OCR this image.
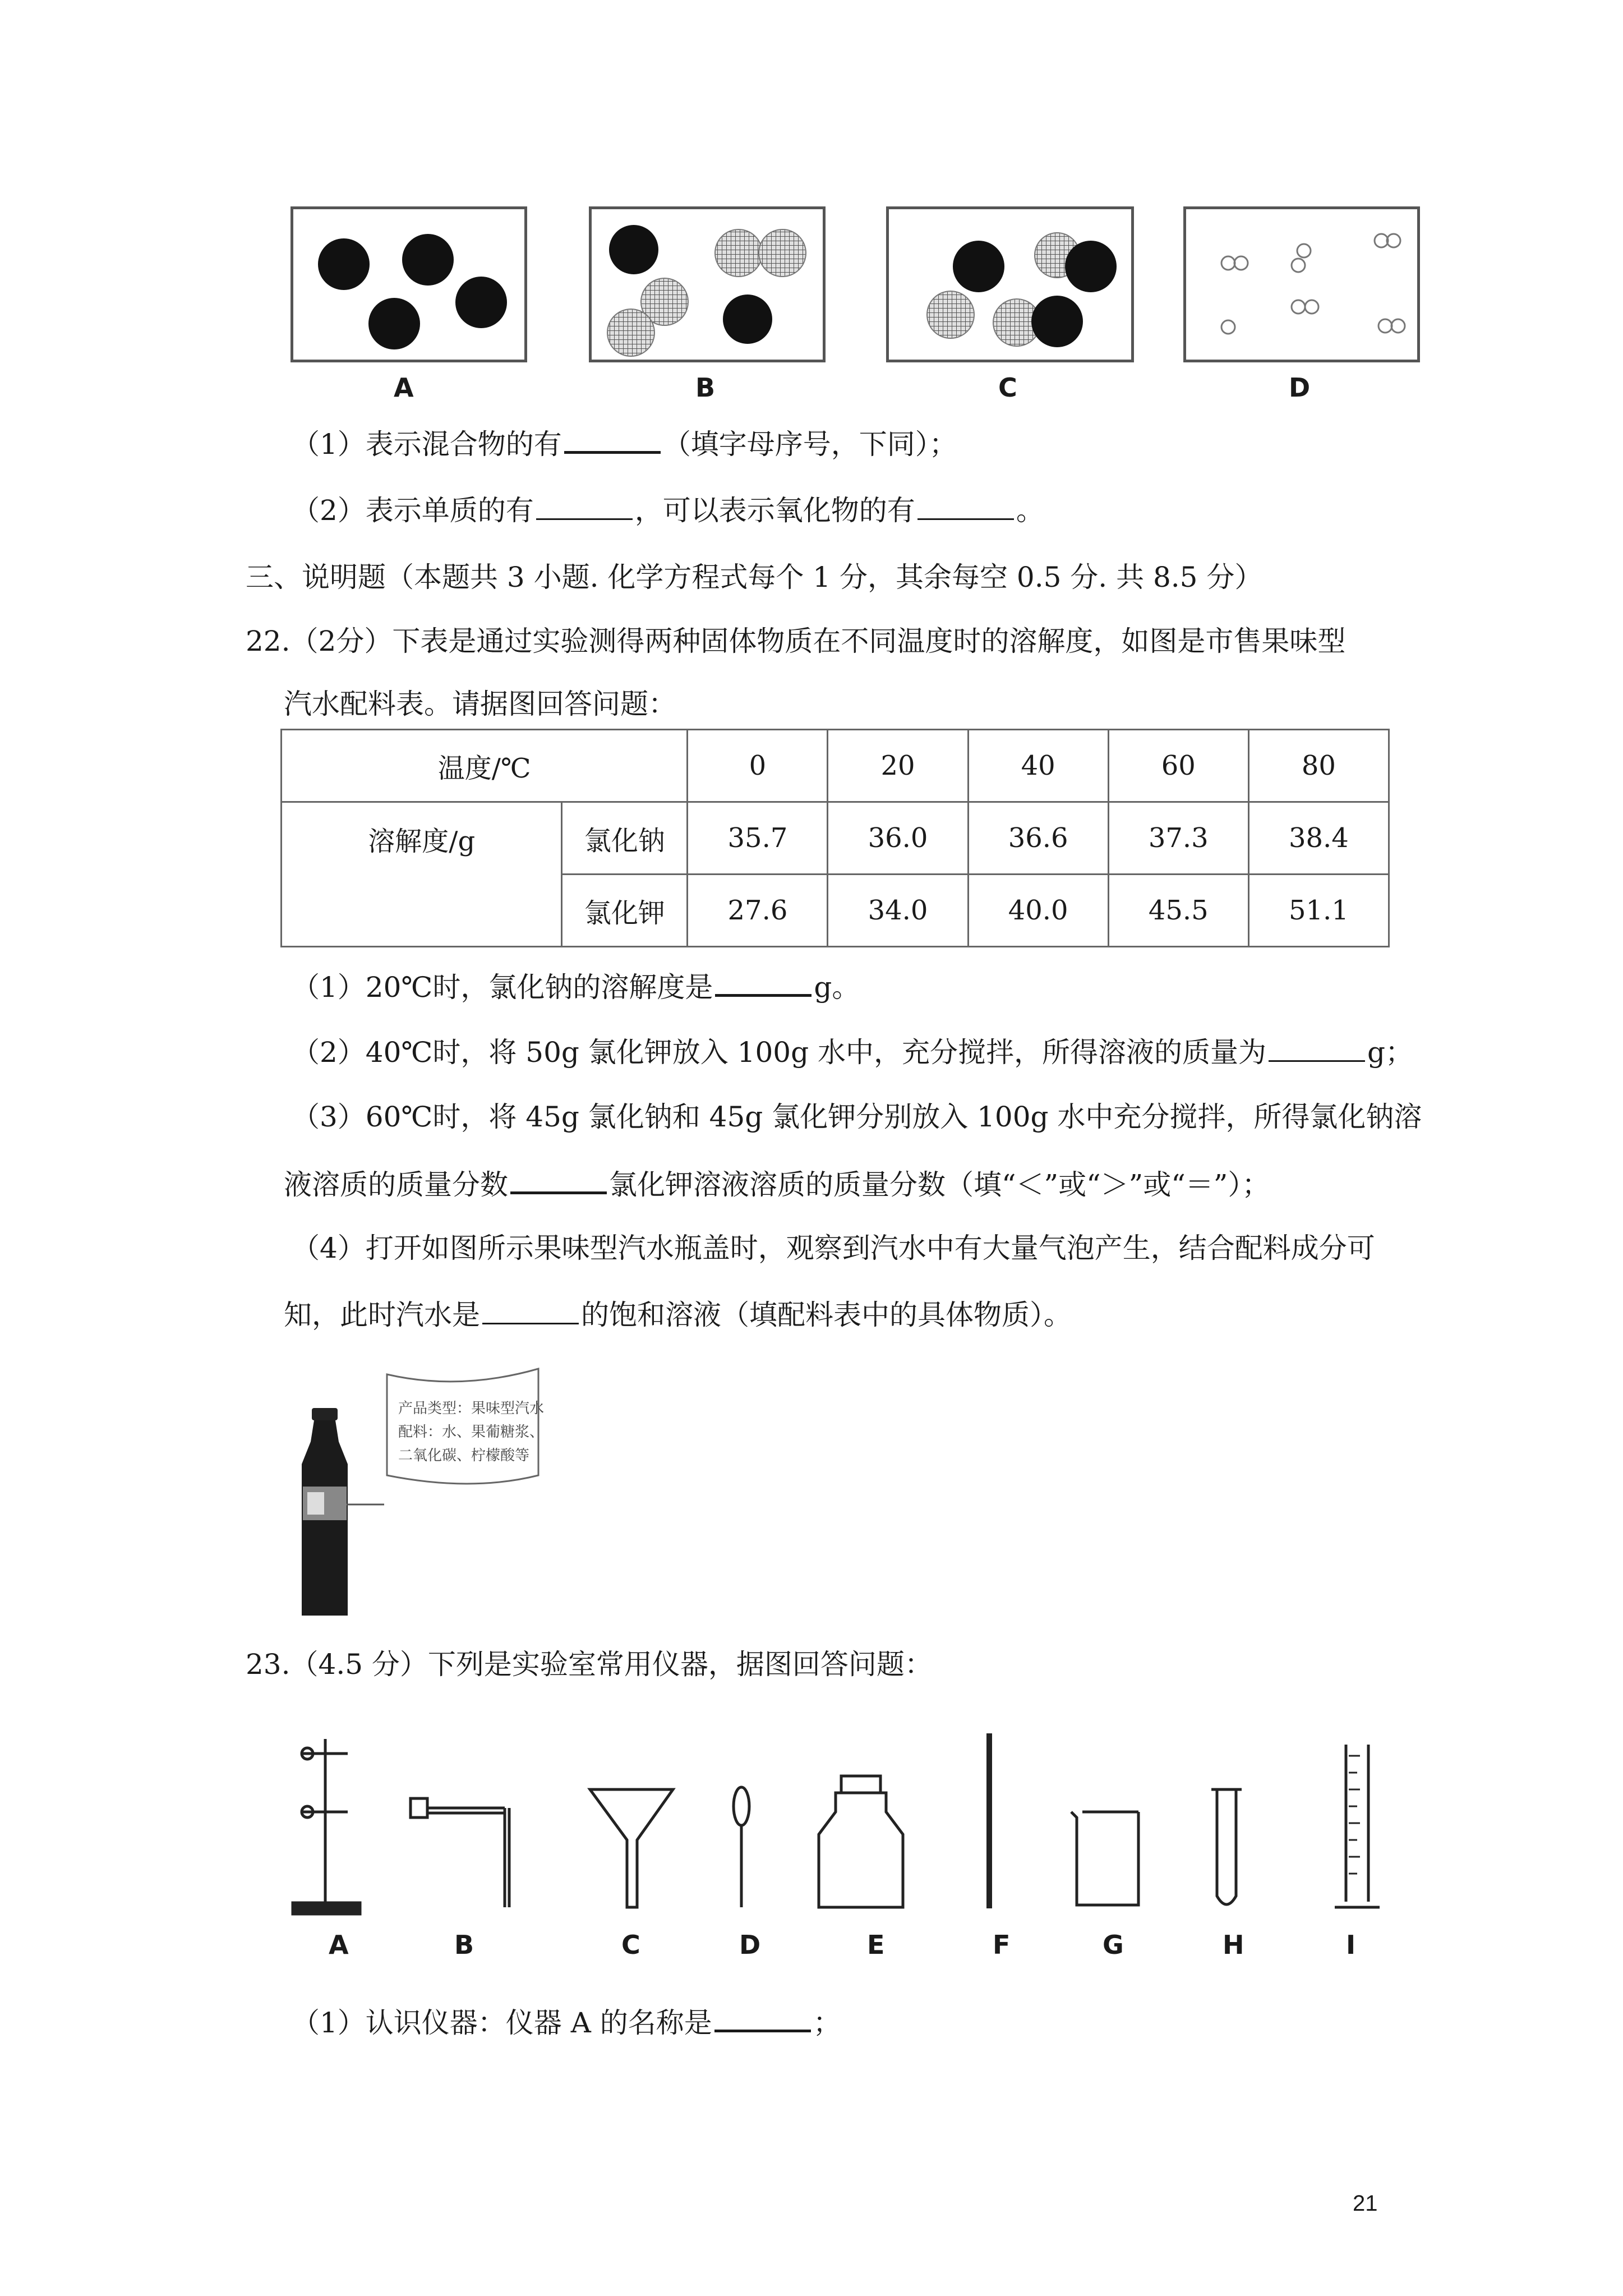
A	B	C	D
（1）表示混合物的有	（填字母序号，下同）；
（2）表示单质的有	，可以表示氧化物的有	。
三、说明题（本题共 3 小题. 化学方程式每个 1 分，其余每空 0.5 分. 共 8.5 分）
22.（2分）下表是通过实验测得两种固体物质在不同温度时的溶解度，如图是市售果味型
汽水配料表。请据图回答问题：
温度/℃		0	20	40	60	80
溶解度/g	氯化钠	35.7	36.0	36.6	37.3	38.4
	氯化钾	27.6	34.0	40.0	45.5	51.1
（1）20℃时，氯化钠的溶解度是	g。
（2）40℃时，将 50g 氯化钾放入 100g 水中，充分搅拌，所得溶液的质量为	g；
（3）60℃时，将 45g 氯化钠和 45g 氯化钾分别放入 100g 水中充分搅拌，所得氯化钠溶
液溶质的质量分数	氯化钾溶液溶质的质量分数（填“＜”或“＞”或“＝”）；
（4）打开如图所示果味型汽水瓶盖时，观察到汽水中有大量气泡产生，结合配料成分可
知，此时汽水是	的饱和溶液（填配料表中的具体物质）。
产品类型：果味型汽水
配料：水、果葡糖浆、
二氧化碳、柠檬酸等
23.（4.5 分）下列是实验室常用仪器，据图回答问题：
A	B	C	D	E	F	G	H	I
（1）认识仪器：仪器 A 的名称是	；
21
